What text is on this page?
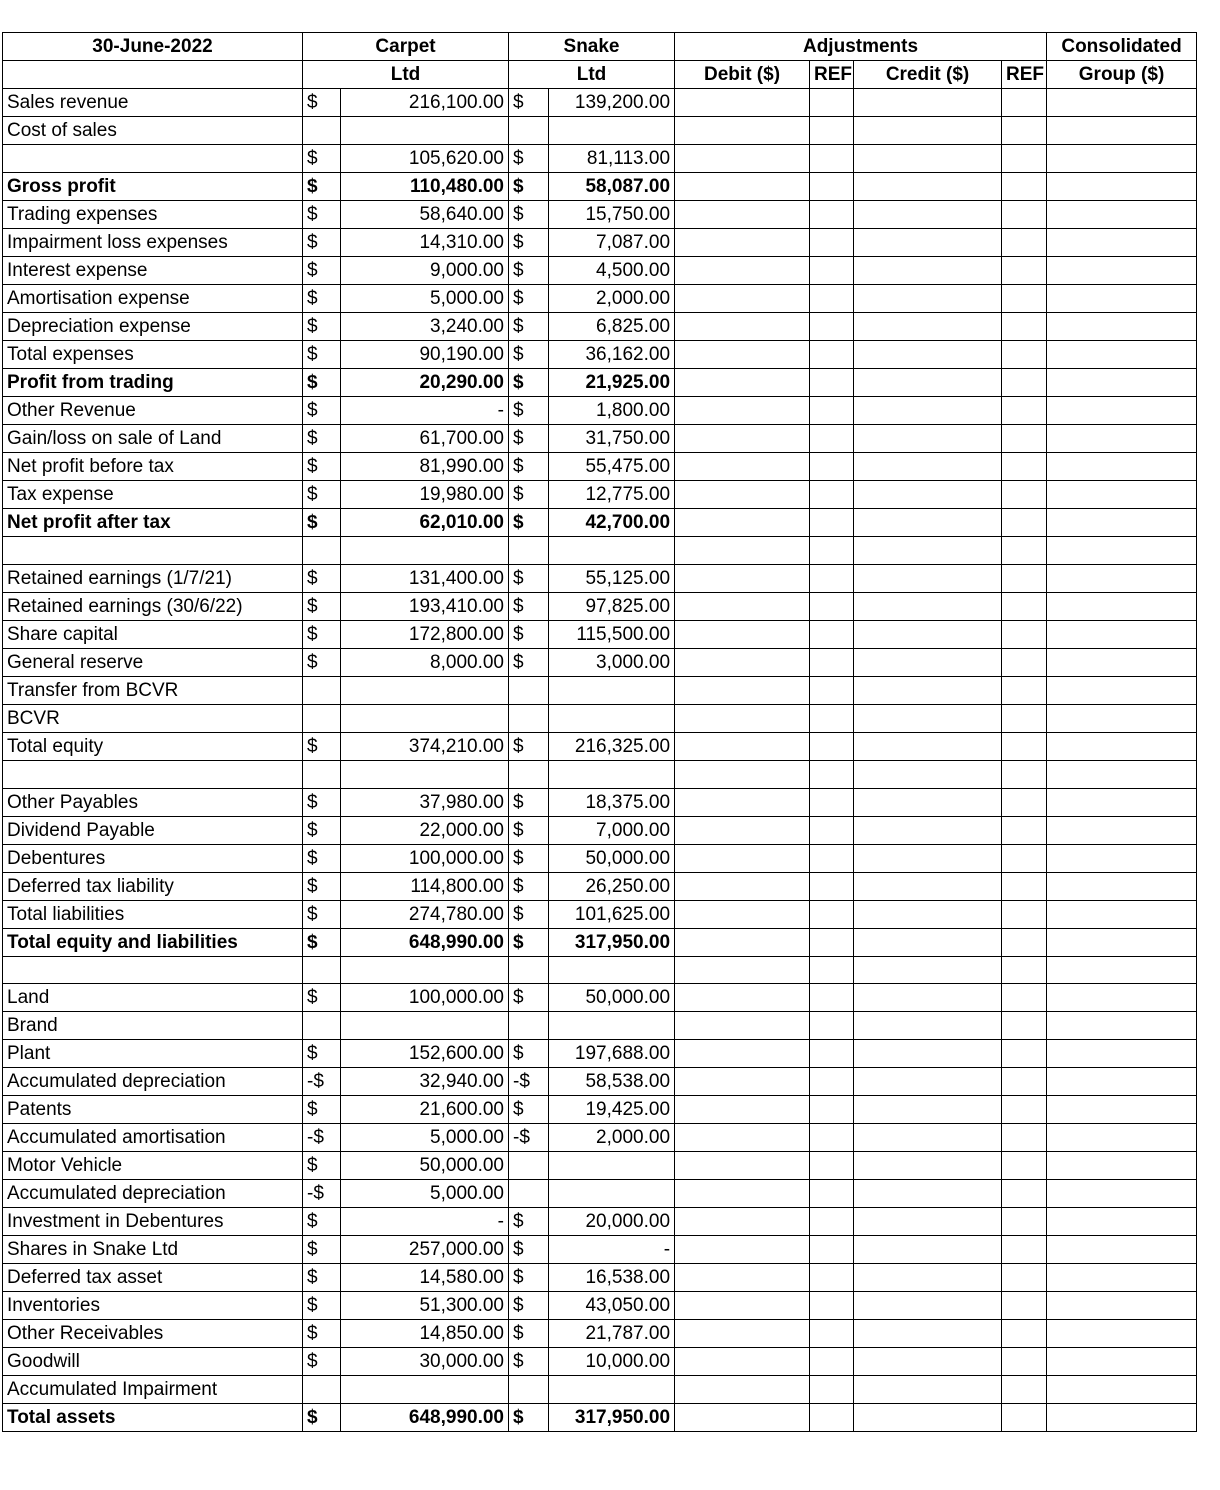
30-June-2022	Carpet		Snake		Adjustments				Consolidated
	Ltd		Ltd		Debit ($)	REF	Credit ($)	REF	Group ($)
Sales revenue	$	216,100.00	$	139,200.00					
Cost of sales									
	$	105,620.00	$	81,113.00					
Gross profit	$	110,480.00	$	58,087.00					
Trading expenses	$	58,640.00	$	15,750.00					
Impairment loss expenses	$	14,310.00	$	7,087.00					
Interest expense	$	9,000.00	$	4,500.00					
Amortisation expense	$	5,000.00	$	2,000.00					
Depreciation expense	$	3,240.00	$	6,825.00					
Total expenses	$	90,190.00	$	36,162.00					
Profit from trading	$	20,290.00	$	21,925.00					
Other Revenue	$	-	$	1,800.00					
Gain/loss on sale of Land	$	61,700.00	$	31,750.00					
Net profit before tax	$	81,990.00	$	55,475.00					
Tax expense	$	19,980.00	$	12,775.00					
Net profit after tax	$	62,010.00	$	42,700.00					

Retained earnings (1/7/21)	$	131,400.00	$	55,125.00					
Retained earnings (30/6/22)	$	193,410.00	$	97,825.00					
Share capital	$	172,800.00	$	115,500.00					
General reserve	$	8,000.00	$	3,000.00					
Transfer from BCVR									
BCVR									
Total equity	$	374,210.00	$	216,325.00					

Other Payables	$	37,980.00	$	18,375.00					
Dividend Payable	$	22,000.00	$	7,000.00					
Debentures	$	100,000.00	$	50,000.00					
Deferred tax liability	$	114,800.00	$	26,250.00					
Total liabilities	$	274,780.00	$	101,625.00					
Total equity and liabilities	$	648,990.00	$	317,950.00					

Land	$	100,000.00	$	50,000.00					
Brand									
Plant	$	152,600.00	$	197,688.00					
Accumulated depreciation	-$	32,940.00	-$	58,538.00					
Patents	$	21,600.00	$	19,425.00					
Accumulated amortisation	-$	5,000.00	-$	2,000.00					
Motor Vehicle	$	50,000.00							
Accumulated depreciation	-$	5,000.00							
Investment in Debentures	$	-	$	20,000.00					
Shares in Snake Ltd	$	257,000.00	$	-					
Deferred tax asset	$	14,580.00	$	16,538.00					
Inventories	$	51,300.00	$	43,050.00					
Other Receivables	$	14,850.00	$	21,787.00					
Goodwill	$	30,000.00	$	10,000.00					
Accumulated Impairment									
Total assets	$	648,990.00	$	317,950.00					
